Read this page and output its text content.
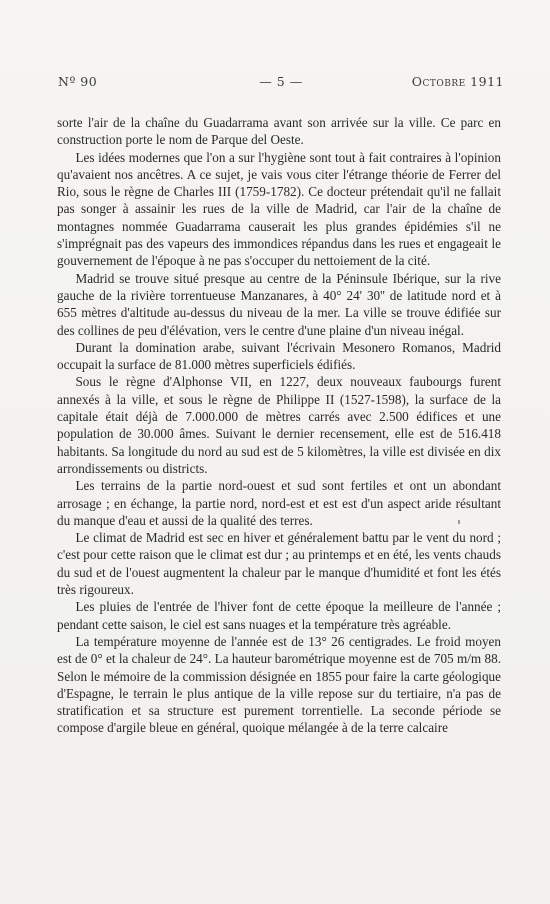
Nº 90	— 5 —	Octobre 1911

sorte l'air de la chaîne du Guadarrama avant son arrivée sur la ville. Ce parc en construction porte le nom de Parque del Oeste.

Les idées modernes que l'on a sur l'hygiène sont tout à fait contraires à l'opinion qu'avaient nos ancêtres. A ce sujet, je vais vous citer l'étrange théorie de Ferrer del Rio, sous le règne de Charles III (1759-1782). Ce docteur prétendait qu'il ne fallait pas songer à assainir les rues de la ville de Madrid, car l'air de la chaîne de montagnes nommée Guadarrama causerait les plus grandes épidémies s'il ne s'imprégnait pas des vapeurs des immondices répandus dans les rues et engageait le gouvernement de l'époque à ne pas s'occuper du nettoiement de la cité.

Madrid se trouve situé presque au centre de la Péninsule Ibérique, sur la rive gauche de la rivière torrentueuse Manzanares, à 40° 24' 30'' de latitude nord et à 655 mètres d'altitude au-dessus du niveau de la mer. La ville se trouve édifiée sur des collines de peu d'élévation, vers le centre d'une plaine d'un niveau inégal.

Durant la domination arabe, suivant l'écrivain Mesonero Romanos, Madrid occupait la surface de 81.000 mètres superficiels édifiés.

Sous le règne d'Alphonse VII, en 1227, deux nouveaux faubourgs furent annexés à la ville, et sous le règne de Philippe II (1527-1598), la surface de la capitale était déjà de 7.000.000 de mètres carrés avec 2.500 édifices et une population de 30.000 âmes. Suivant le dernier recensement, elle est de 516.418 habitants. Sa longitude du nord au sud est de 5 kilomètres, la ville est divisée en dix arrondissements ou districts.

Les terrains de la partie nord-ouest et sud sont fertiles et ont un abondant arrosage ; en échange, la partie nord, nord-est et est est d'un aspect aride résultant du manque d'eau et aussi de la qualité des terres.

Le climat de Madrid est sec en hiver et généralement battu par le vent du nord ; c'est pour cette raison que le climat est dur ; au printemps et en été, les vents chauds du sud et de l'ouest augmentent la chaleur par le manque d'humidité et font les étés très rigoureux.

Les pluies de l'entrée de l'hiver font de cette époque la meilleure de l'année ; pendant cette saison, le ciel est sans nuages et la température très agréable.

La température moyenne de l'année est de 13° 26 centigrades. Le froid moyen est de 0° et la chaleur de 24°. La hauteur barométrique moyenne est de 705 m/m 88. Selon le mémoire de la commission désignée en 1855 pour faire la carte géologique d'Espagne, le terrain le plus antique de la ville repose sur du tertiaire, n'a pas de stratification et sa structure est purement torrentielle. La seconde période se compose d'argile bleue en général, quoique mélangée à de la terre calcaire
